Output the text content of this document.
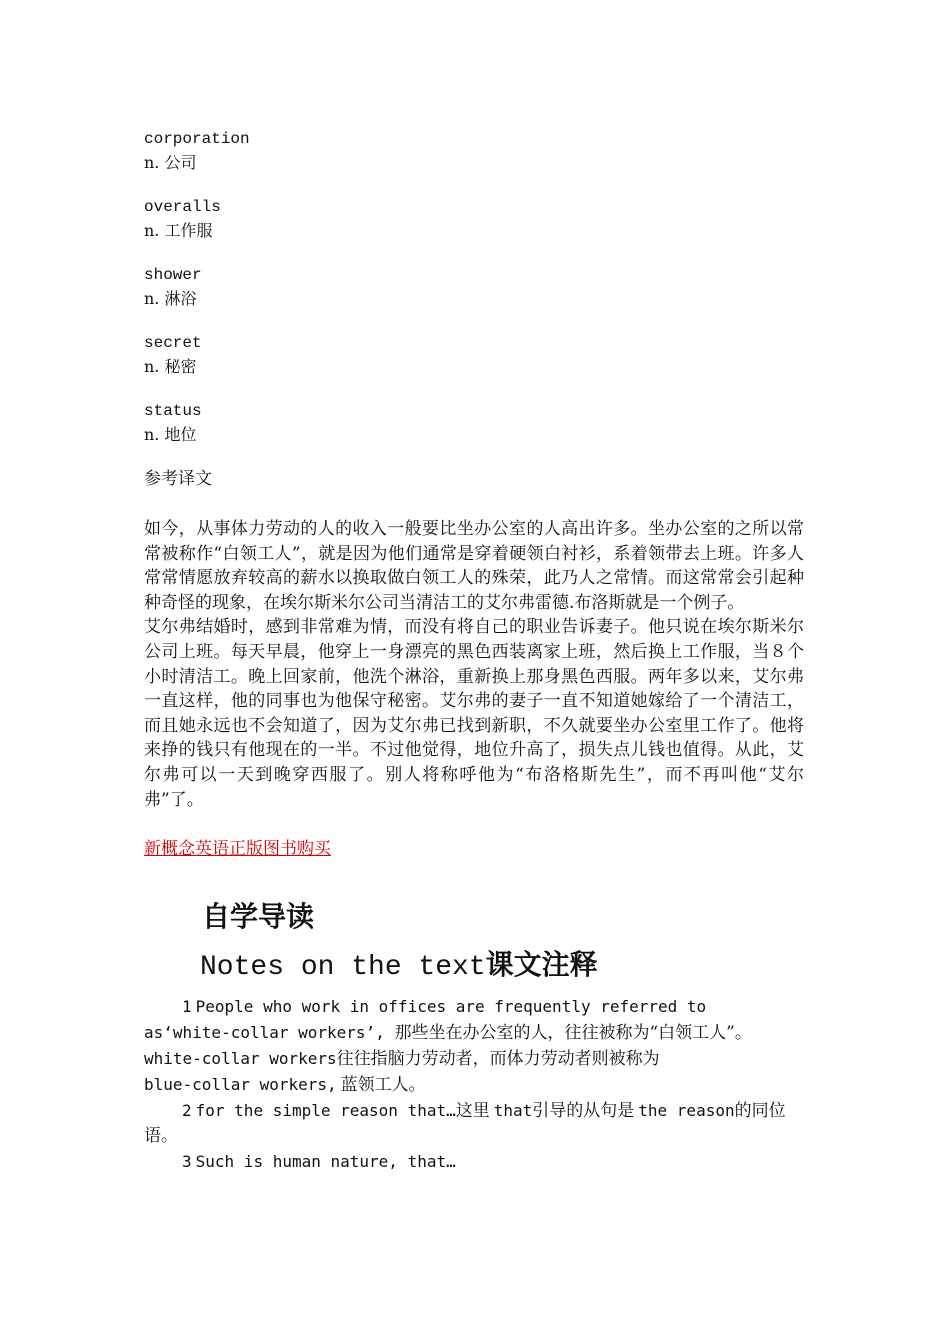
corporation
n. 公司
overalls
n. 工作服
shower
n. 淋浴
secret
n. 秘密
status
n. 地位
参考译文

如今，从事体力劳动的人的收入一般要比坐办公室的人高出许多。坐办公室的之所以常常被称作“白领工人”，就是因为他们通常是穿着硬领白衬衫，系着领带去上班。许多人常常情愿放弃较高的薪水以换取做白领工人的殊荣，此乃人之常情。而这常常会引起种种奇怪的现象，在埃尔斯米尔公司当清洁工的艾尔弗雷德.布洛斯就是一个例子。

艾尔弗结婚时，感到非常难为情，而没有将自己的职业告诉妻子。他只说在埃尔斯米尔公司上班。每天早晨，他穿上一身漂亮的黑色西装离家上班，然后换上工作服，当８个小时清洁工。晚上回家前，他洗个淋浴，重新换上那身黑色西服。两年多以来，艾尔弗一直这样，他的同事也为他保守秘密。艾尔弗的妻子一直不知道她嫁给了一个清洁工，而且她永远也不会知道了，因为艾尔弗已找到新职，不久就要坐办公室里工作了。他将来挣的钱只有他现在的一半。不过他觉得，地位升高了，损失点儿钱也值得。从此，艾尔弗可以一天到晚穿西服了。别人将称呼他为“布洛格斯先生”，而不再叫他“艾尔弗”了。

新概念英语正版图书购买
自学导读
Notes on the text课文注释

1 People who work in offices are frequently referred to
as‘white-collar workers’, 那些坐在办公室的人，往往被称为“白领工人”。 white-collar workers往往指脑力劳动者，而体力劳动者则被称为
blue-collar workers, 蓝领工人。

2 for the simple reason that…这里 that引导的从句是 the reason的同位语。

3 Such is human nature, that…
